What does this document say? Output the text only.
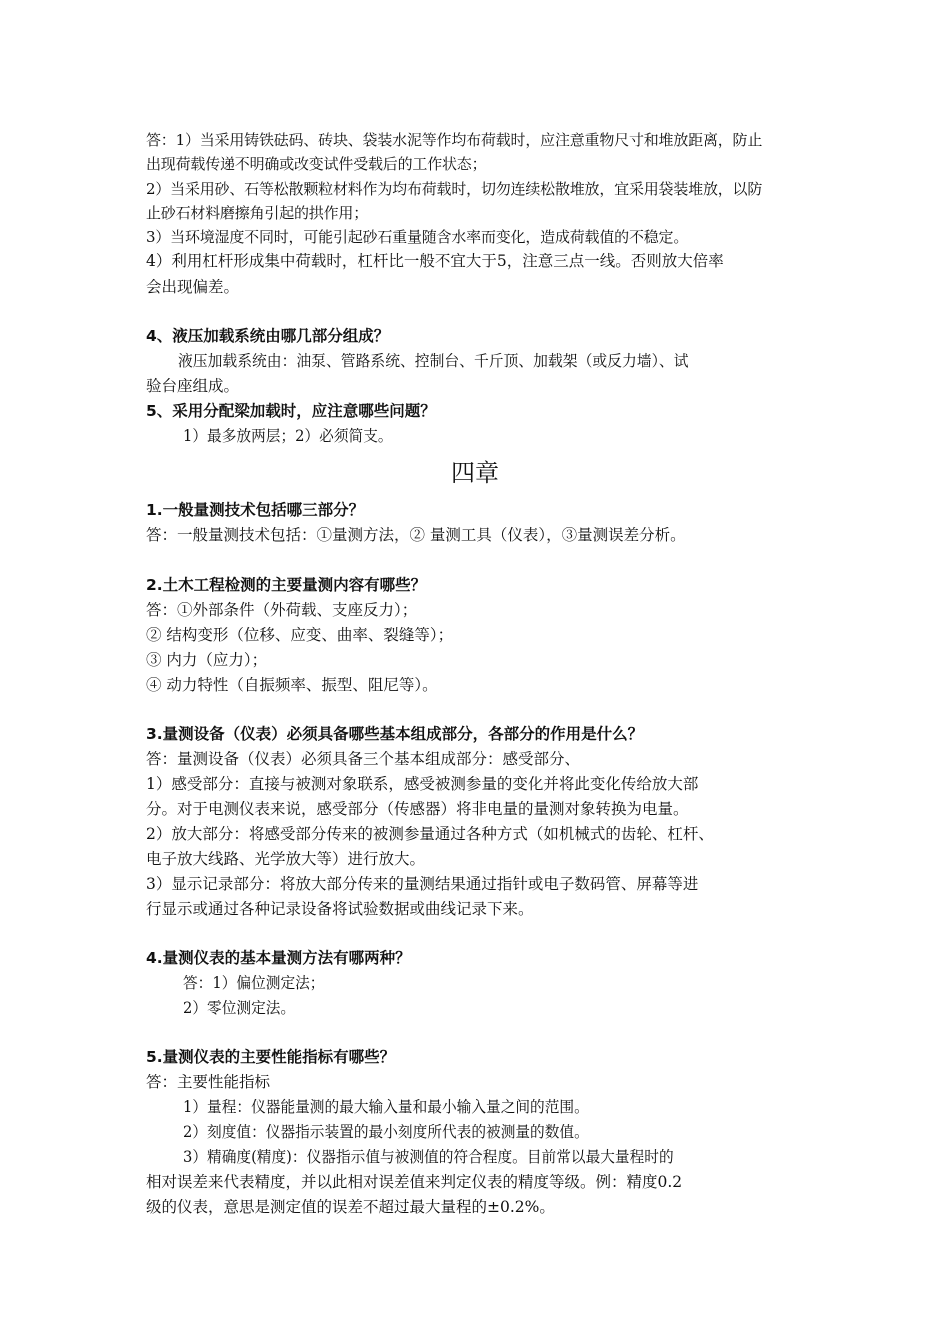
答：1）当采用铸铁砝码、砖块、袋装水泥等作均布荷载时，应注意重物尺寸和堆放距离，防止
出现荷载传递不明确或改变试件受载后的工作状态；
2）当采用砂、石等松散颗粒材料作为均布荷载时，切勿连续松散堆放，宜采用袋装堆放，以防
止砂石材料磨擦角引起的拱作用；
3）当环境湿度不同时，可能引起砂石重量随含水率而变化，造成荷载值的不稳定。
4）利用杠杆形成集中荷载时，杠杆比一般不宜大于5，注意三点一线。否则放大倍率
会出现偏差。
4、液压加载系统由哪几部分组成？
液压加载系统由：油泵、管路系统、控制台、千斤顶、加载架（或反力墙）、试
验台座组成。
5、采用分配梁加载时，应注意哪些问题？
1）最多放两层；2）必须简支。
四章
1.一般量测技术包括哪三部分？
答：一般量测技术包括：①量测方法，② 量测工具（仪表），③量测误差分析。
2.土木工程检测的主要量测内容有哪些？
答：①外部条件（外荷载、支座反力）；
② 结构变形（位移、应变、曲率、裂缝等）；
③ 内力（应力）；
④ 动力特性（自振频率、振型、阻尼等）。
3.量测设备（仪表）必须具备哪些基本组成部分，各部分的作用是什么？
答：量测设备（仪表）必须具备三个基本组成部分：感受部分、
1）感受部分：直接与被测对象联系，感受被测参量的变化并将此变化传给放大部
分。对于电测仪表来说，感受部分（传感器）将非电量的量测对象转换为电量。
2）放大部分：将感受部分传来的被测参量通过各种方式（如机械式的齿轮、杠杆、
电子放大线路、光学放大等）进行放大。
3）显示记录部分：将放大部分传来的量测结果通过指针或电子数码管、屏幕等进
行显示或通过各种记录设备将试验数据或曲线记录下来。
4.量测仪表的基本量测方法有哪两种？
答：1）偏位测定法；
2）零位测定法。
5.量测仪表的主要性能指标有哪些？
答：主要性能指标
1）量程：仪器能量测的最大输入量和最小输入量之间的范围。
2）刻度值：仪器指示装置的最小刻度所代表的被测量的数值。
3）精确度(精度)：仪器指示值与被测值的符合程度。目前常以最大量程时的
相对误差来代表精度，并以此相对误差值来判定仪表的精度等级。例：精度0.2
级的仪表，意思是测定值的误差不超过最大量程的±0.2%。
